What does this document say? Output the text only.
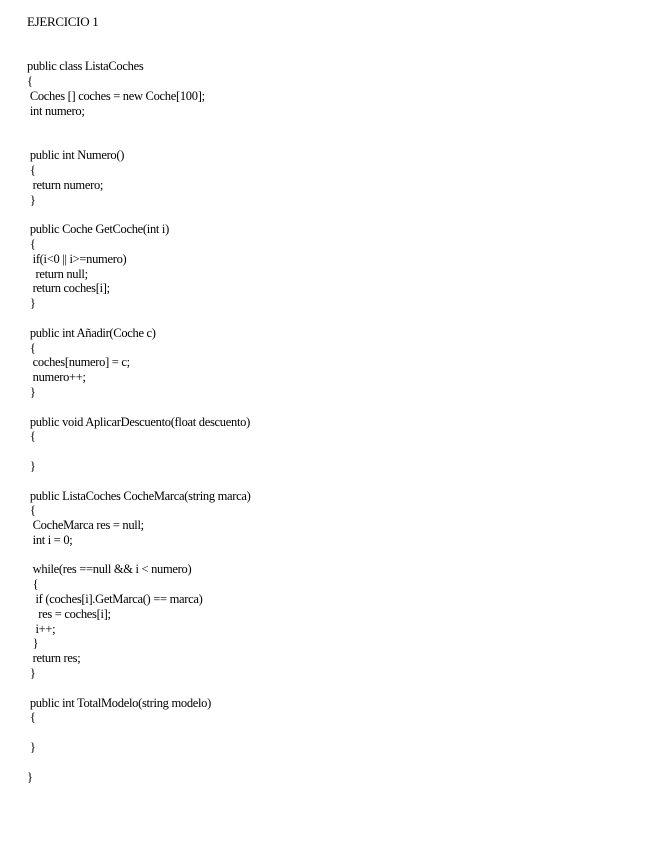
EJERCICIO 1
public class ListaCoches
{
Coches [] coches = new Coche[100];
int numero;
public int Numero()
{
return numero;
}
public Coche GetCoche(int i)
{
if(i<0 || i>=numero)
return null;
return coches[i];
}
public int Añadir(Coche c)
{
coches[numero] = c;
numero++;
}
public void AplicarDescuento(float descuento)
{
}
public ListaCoches CocheMarca(string marca)
{
CocheMarca res = null;
int i = 0;
while(res ==null && i < numero)
{
if (coches[i].GetMarca() == marca)
res = coches[i];
i++;
}
return res;
}
public int TotalModelo(string modelo)
{
}
}
